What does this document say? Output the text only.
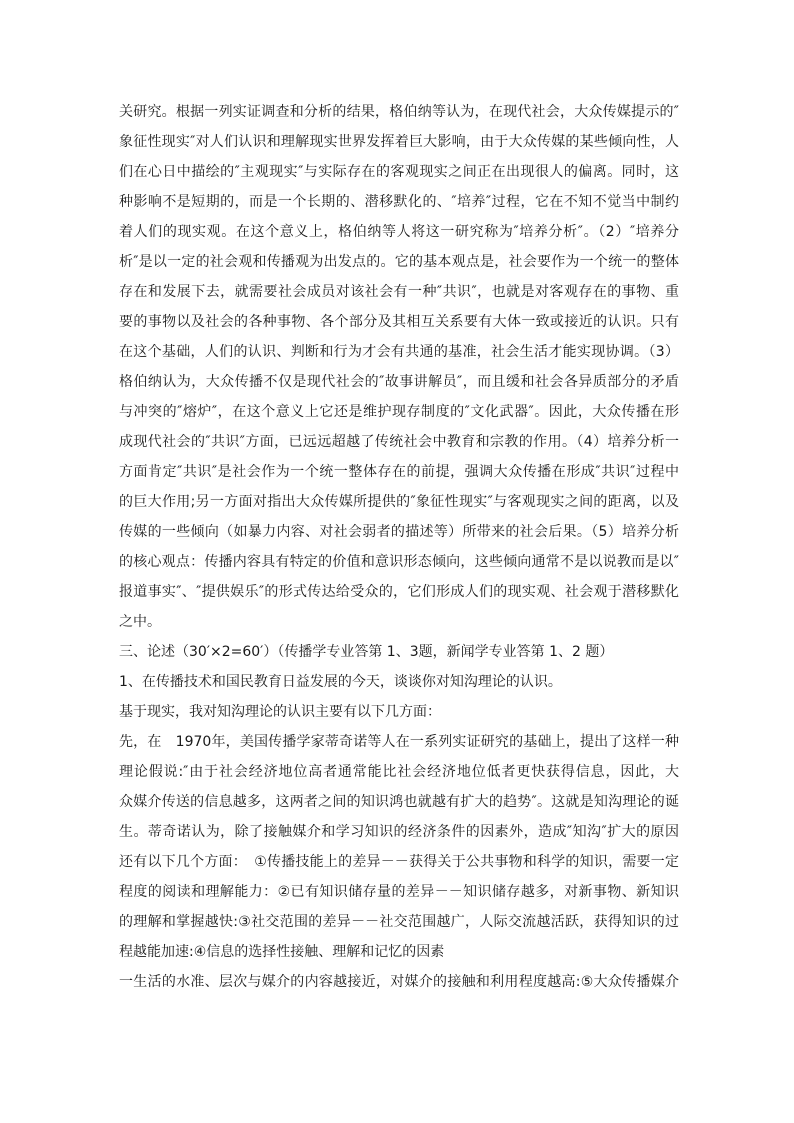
关研究。根据一列实证调查和分析的结果，格伯纳等认为，在现代社会，大众传媒提示的″

象征性现实″对人们认识和理解现实世界发挥着巨大影响，由于大众传媒的某些倾向性，人

们在心日中描绘的″主观现实″与实际存在的客观现实之间正在出现很人的偏离。同时，这

种影响不是短期的，而是一个长期的、潜移默化的、″培养″过程，它在不知不觉当中制约

着人们的现实观。在这个意义上，格伯纳等人将这一研究称为″培养分析″。（2）″培养分

析″是以一定的社会观和传播观为出发点的。它的基本观点是，社会要作为一个统一的整体

存在和发展下去，就需要社会成员对该社会有一种″共识″，也就是对客观存在的事物、重

要的事物以及社会的各种事物、各个部分及其相互关系要有大体一致或接近的认识。只有

在这个基础，人们的认识、判断和行为才会有共通的基准，社会生活才能实现协调。（3）

格伯纳认为，大众传播不仅是现代社会的″故事讲解员″，而且缓和社会各异质部分的矛盾

与冲突的″熔炉″，在这个意义上它还是维护现存制度的″文化武器″。因此，大众传播在形

成现代社会的″共识″方面，已远远超越了传统社会中教育和宗教的作用。（4）培养分析一

方面肯定″共识″是社会作为一个统一整体存在的前提，强调大众传播在形成″共识″过程中

的巨大作用;另一方面对指出大众传媒所提供的″象征性现实″与客观现实之间的距离，以及

传媒的一些倾向（如暴力内容、对社会弱者的描述等）所带来的社会后果。（5）培养分析

的核心观点：传播内容具有特定的价值和意识形态倾向，这些倾向通常不是以说教而是以″

报道事实″、″提供娱乐″的形式传达给受众的，它们形成人们的现实观、社会观于潜移默化

之中。

三、论述（30′×2=60′）（传播学专业答第 1、3题，新闻学专业答第 1、2 题）

1、在传播技术和国民教育日益发展的今天，谈谈你对知沟理论的认识。

基于现实，我对知沟理论的认识主要有以下几方面：

先，在　1970年，美国传播学家蒂奇诺等人在一系列实证研究的基础上，提出了这样一种

理论假说:″由于社会经济地位高者通常能比社会经济地位低者更快获得信息，因此，大

众媒介传送的信息越多，这两者之间的知识鸿也就越有扩大的趋势″。这就是知沟理论的诞

生。蒂奇诺认为，除了接触媒介和学习知识的经济条件的因素外，造成″知沟″扩大的原因

还有以下几个方面：　①传播技能上的差异－－获得关于公共事物和科学的知识，需要一定

程度的阅读和理解能力：②已有知识储存量的差异－－知识储存越多，对新事物、新知识

的理解和掌握越快:③社交范围的差异－－社交范围越广，人际交流越活跃，获得知识的过

程越能加速:④信息的选择性接触、理解和记忆的因素

一生活的水准、层次与媒介的内容越接近，对媒介的接触和利用程度越高:⑤大众传播媒介
